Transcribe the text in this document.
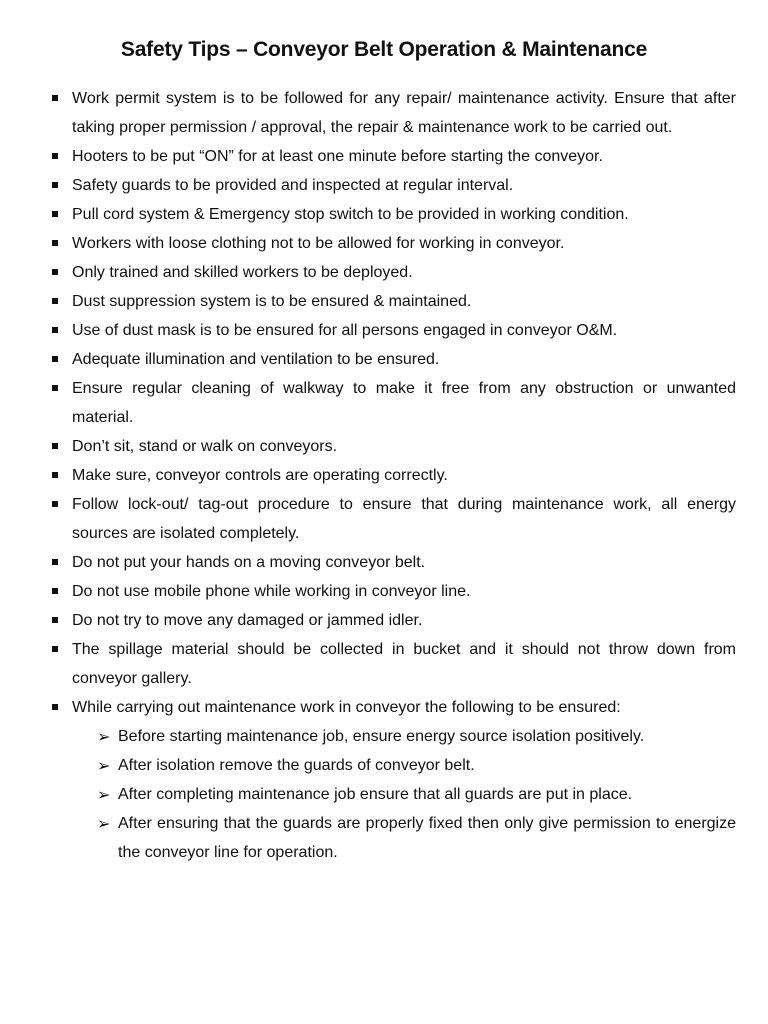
Safety Tips – Conveyor Belt Operation & Maintenance
Work permit system is to be followed for any repair/ maintenance activity. Ensure that after taking proper permission / approval, the repair & maintenance work to be carried out.
Hooters to be put “ON” for at least one minute before starting the conveyor.
Safety guards to be provided and inspected at regular interval.
Pull cord system & Emergency stop switch to be provided in working condition.
Workers with loose clothing not to be allowed for working in conveyor.
Only trained and skilled workers to be deployed.
Dust suppression system is to be ensured & maintained.
Use of dust mask is to be ensured for all persons engaged in conveyor O&M.
Adequate illumination and ventilation to be ensured.
Ensure regular cleaning of walkway to make it free from any obstruction or unwanted material.
Don’t sit, stand or walk on conveyors.
Make sure, conveyor controls are operating correctly.
Follow lock-out/ tag-out procedure to ensure that during maintenance work, all energy sources are isolated completely.
Do not put your hands on a moving conveyor belt.
Do not use mobile phone while working in conveyor line.
Do not try to move any damaged or jammed idler.
The spillage material should be collected in bucket and it should not throw down from conveyor gallery.
While carrying out maintenance work in conveyor the following to be ensured:
➢ Before starting maintenance job, ensure energy source isolation positively.
➢ After isolation remove the guards of conveyor belt.
➢ After completing maintenance job ensure that all guards are put in place.
➢ After ensuring that the guards are properly fixed then only give permission to energize the conveyor line for operation.
